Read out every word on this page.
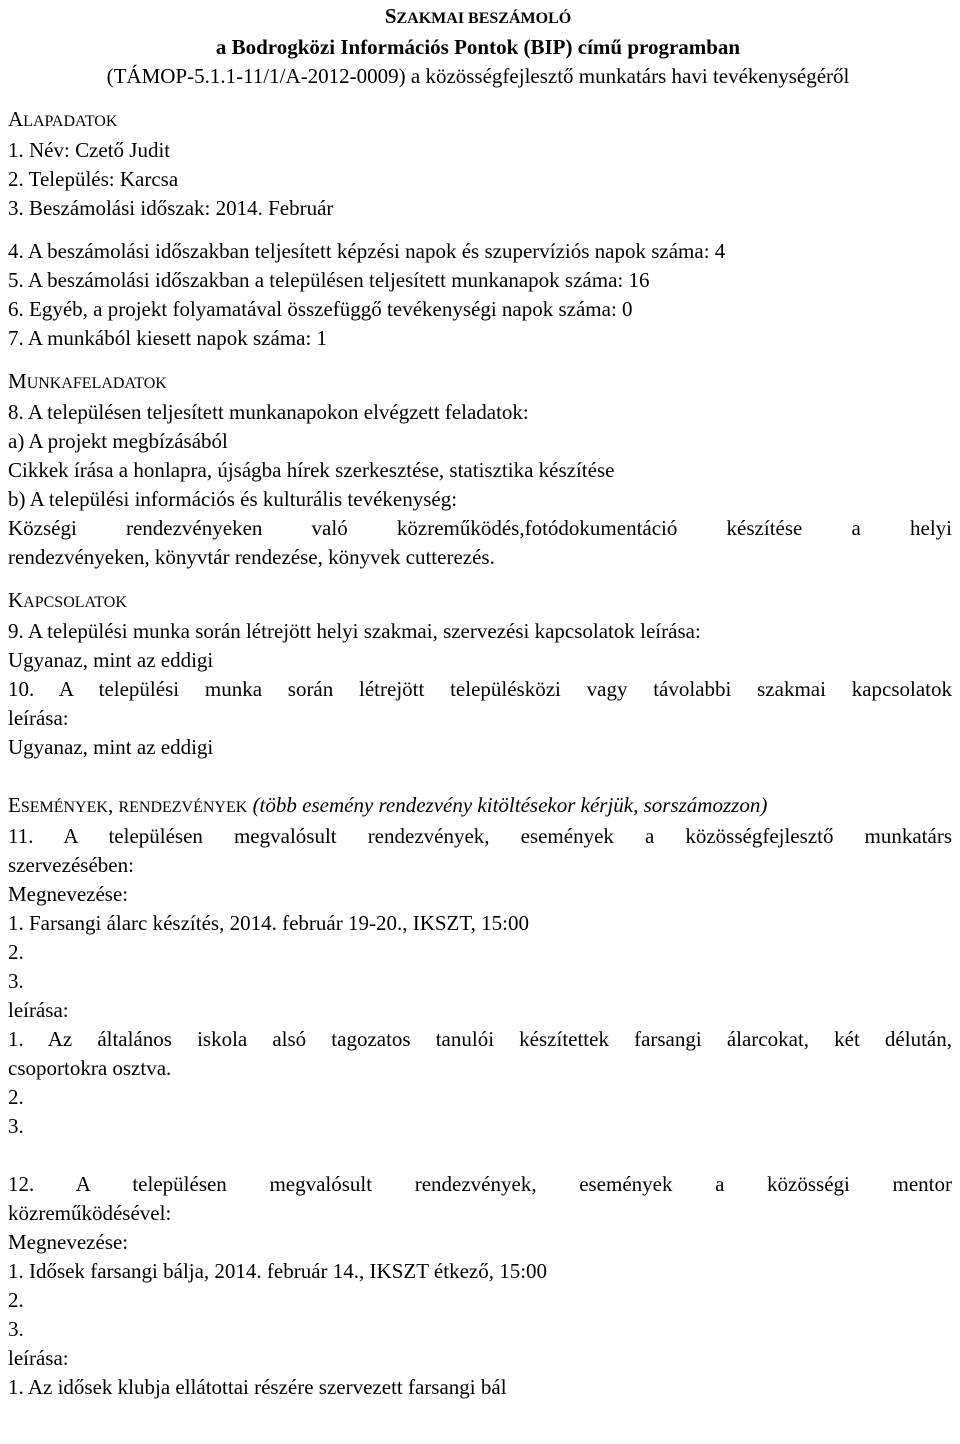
SZAKMAI BESZÁMOLÓ
a Bodrogközi Információs Pontok (BIP) című programban
(TÁMOP-5.1.1-11/1/A-2012-0009) a közösségfejlesztő munkatárs havi tevékenységéről
ALAPADATOK
1. Név: Czető Judit
2. Település: Karcsa
3. Beszámolási időszak: 2014. Február
4. A beszámolási időszakban teljesített képzési napok és szupervíziós napok száma: 4
5. A beszámolási időszakban a településen teljesített munkanapok száma: 16
6. Egyéb, a projekt folyamatával összefüggő tevékenységi napok száma: 0
7. A munkából kiesett napok száma: 1
MUNKAFELADATOK
8. A településen teljesített munkanapokon elvégzett feladatok:
a) A projekt megbízásából
Cikkek írása a honlapra, újságba hírek szerkesztése, statisztika készítése
b) A települési információs és kulturális tevékenység:
Községi rendezvényeken való közreműködés,fotódokumentáció készítése a helyi
rendezvényeken, könyvtár rendezése, könyvek cutterezés.
KAPCSOLATOK
9. A települési munka során létrejött helyi szakmai, szervezési kapcsolatok leírása:
Ugyanaz, mint az eddigi
10. A települési munka során létrejött településközi vagy távolabbi szakmai kapcsolatok
leírása:
Ugyanaz, mint az eddigi
ESEMÉNYEK, RENDEZVÉNYEK (több esemény rendezvény kitöltésekor kérjük, sorszámozzon)
11. A településen megvalósult rendezvények, események a közösségfejlesztő munkatárs
szervezésében:
Megnevezése:
1. Farsangi álarc készítés, 2014. február 19-20., IKSZT, 15:00
2.
3.
leírása:
1. Az általános iskola alsó tagozatos tanulói készítettek farsangi álarcokat, két délután,
csoportokra osztva.
2.
3.
12. A településen megvalósult rendezvények, események a közösségi mentor
közreműködésével:
Megnevezése:
1. Idősek farsangi bálja, 2014. február 14., IKSZT étkező, 15:00
2.
3.
leírása:
1. Az idősek klubja ellátottai részére szervezett farsangi bál
